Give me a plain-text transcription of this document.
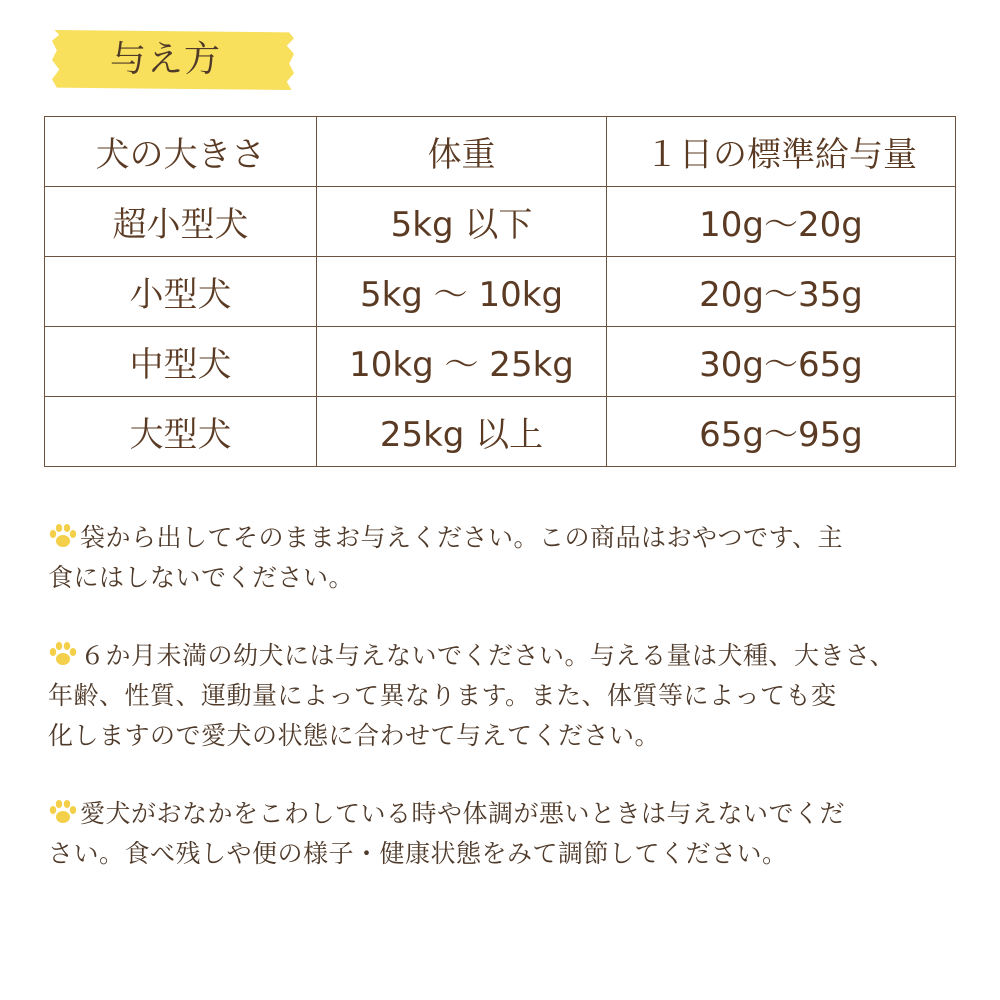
与え方
犬の大きさ	体重	１日の標準給与量
超小型犬	5kg 以下	10g〜20g
小型犬	5kg 〜 10kg	20g〜35g
中型犬	10kg 〜 25kg	30g〜65g
大型犬	25kg 以上	65g〜95g
袋から出してそのままお与えください。この商品はおやつです、主
食にはしないでください。
６か月未満の幼犬には与えないでください。与える量は犬種、大きさ、
年齢、性質、運動量によって異なります。また、体質等によっても変
化しますので愛犬の状態に合わせて与えてください。
愛犬がおなかをこわしている時や体調が悪いときは与えないでくだ
さい。食べ残しや便の様子・健康状態をみて調節してください。
